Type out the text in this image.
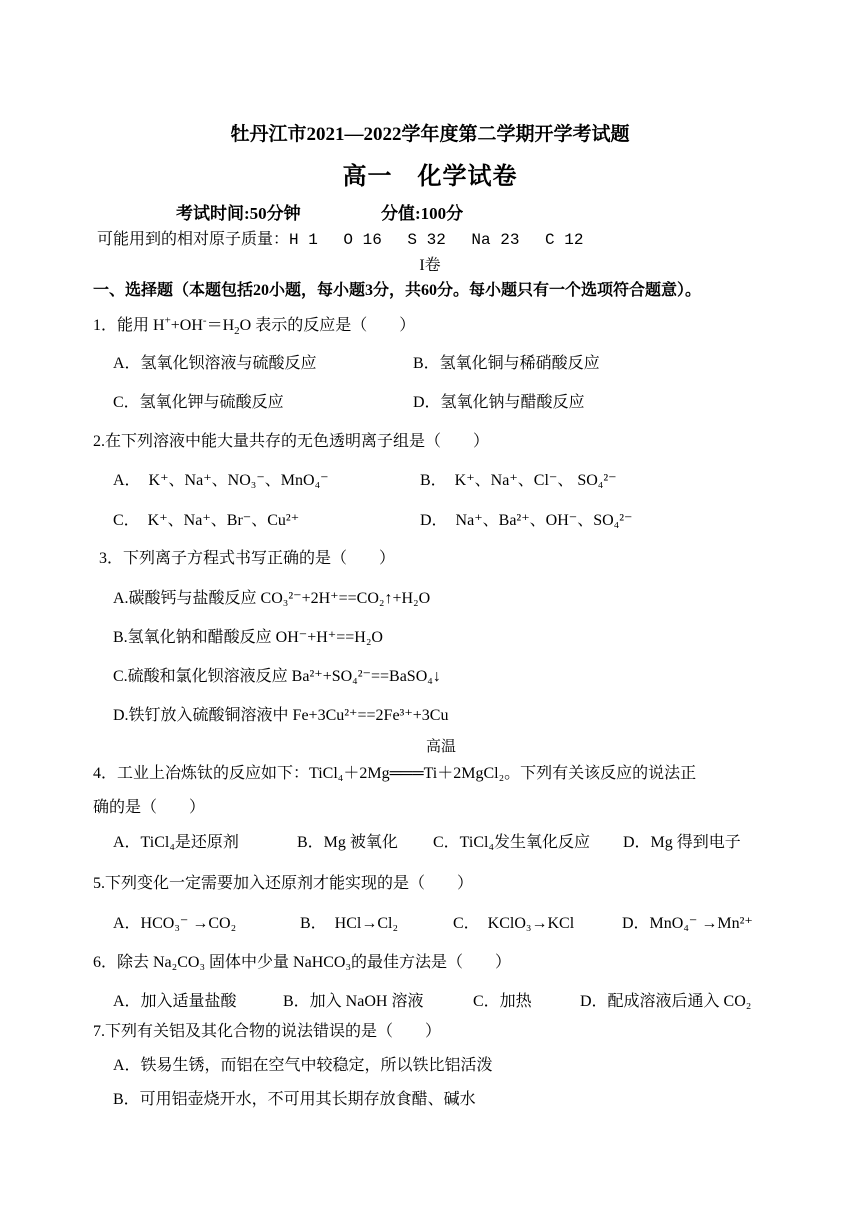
牡丹江市2021—2022学年度第二学期开学考试题
高一　化学试卷
考试时间:50分钟	分值:100分
可能用到的相对原子质量：H 1　 O 16　 S 32　 Na 23　 C 12
I卷
一、选择题（本题包括20小题，每小题3分，共60分。每小题只有一个选项符合题意）。
1．能用 $H^++OH^-=H_2O$ 表示的反应是（　　）
A．氢氧化钡溶液与硫酸反应	B．氢氧化铜与稀硝酸反应
C．氢氧化钾与硫酸反应	D．氢氧化钠与醋酸反应
2.在下列溶液中能大量共存的无色透明离子组是（　　）
A．　K⁺、Na⁺、NO₃⁻、MnO₄⁻	B．　K⁺、Na⁺、Cl⁻、 SO₄²⁻
C．　K⁺、Na⁺、Br⁻、Cu²⁺	D．　Na⁺、Ba²⁺、OH⁻、SO₄²⁻
3．下列离子方程式书写正确的是（　　）
A.碳酸钙与盐酸反应 CO₃²⁻+2H⁺==CO₂↑+H₂O
B.氢氧化钠和醋酸反应 OH⁻+H⁺==H₂O
C.硫酸和氯化钡溶液反应 Ba²⁺+SO₄²⁻==BaSO₄↓
D.铁钉放入硫酸铜溶液中 Fe+3Cu²⁺==2Fe³⁺+3Cu
高温
4．工业上冶炼钛的反应如下：TiCl₄＋2Mg═══Ti＋2MgCl₂。下列有关该反应的说法正
确的是（　　）
A．TiCl₄是还原剂	B．Mg 被氧化 C．TiCl₄发生氧化反应 D．Mg 得到电子
5.下列变化一定需要加入还原剂才能实现的是（　　）
A．HCO₃⁻ →CO₂	B．　HCl→Cl₂	C．　KClO₃→KCl	D．MnO₄⁻ →Mn²⁺
6．除去 Na₂CO₃ 固体中少量 NaHCO₃的最佳方法是（　　）
A．加入适量盐酸	B．加入 NaOH 溶液	C．加热	D．配成溶液后通入 CO₂
7.下列有关铝及其化合物的说法错误的是（　　）
A．铁易生锈，而铝在空气中较稳定，所以铁比铝活泼
B．可用铝壶烧开水，不可用其长期存放食醋、碱水
